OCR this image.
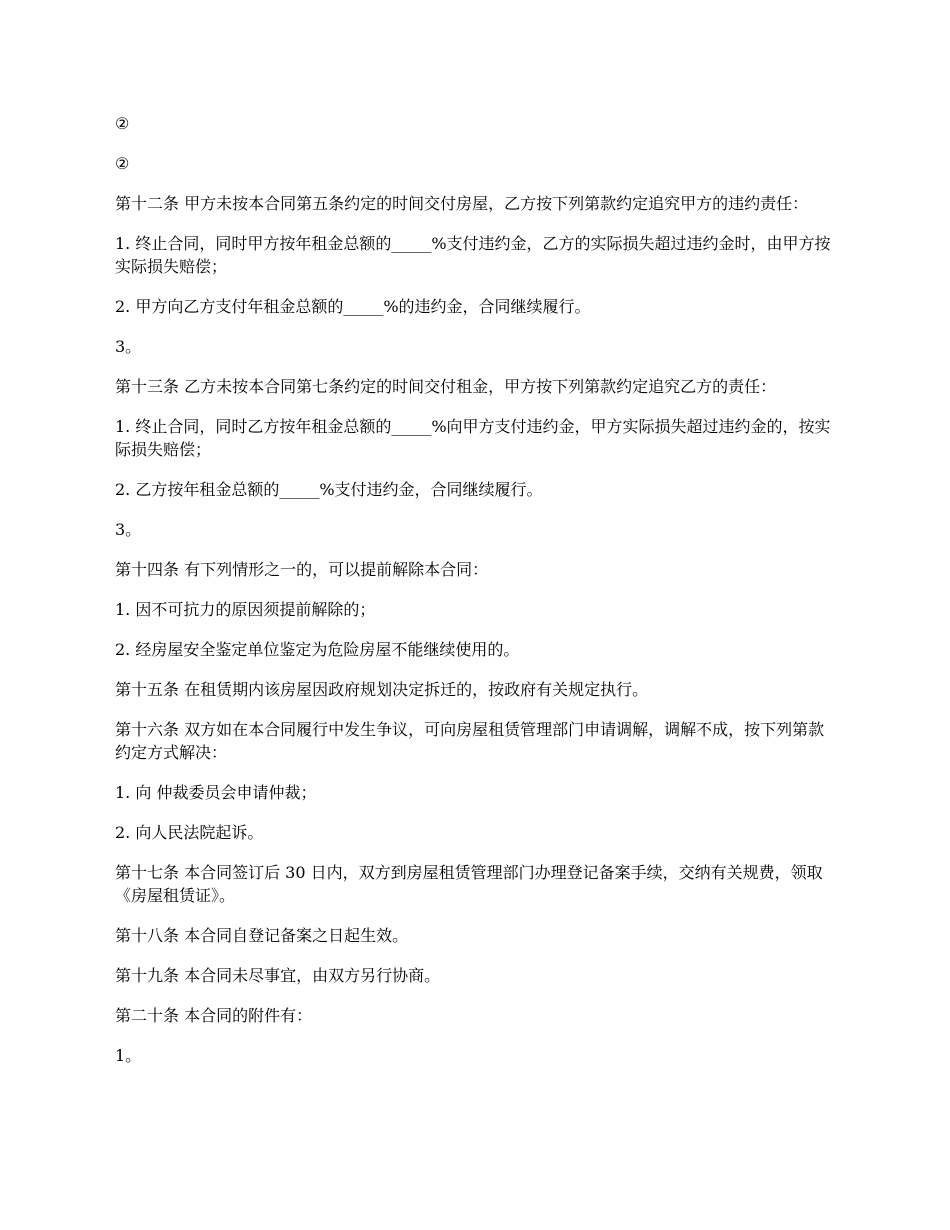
②

②

第十二条 甲方未按本合同第五条约定的时间交付房屋，乙方按下列第款约定追究甲方的违约责任：

1. 终止合同，同时甲方按年租金总额的_____%支付违约金，乙方的实际损失超过违约金时，由甲方按实际损失赔偿；

2. 甲方向乙方支付年租金总额的_____%的违约金，合同继续履行。

3。

第十三条 乙方未按本合同第七条约定的时间交付租金，甲方按下列第款约定追究乙方的责任：

1. 终止合同，同时乙方按年租金总额的_____%向甲方支付违约金，甲方实际损失超过违约金的，按实际损失赔偿；

2. 乙方按年租金总额的_____%支付违约金，合同继续履行。

3。

第十四条 有下列情形之一的，可以提前解除本合同：

1. 因不可抗力的原因须提前解除的；

2. 经房屋安全鉴定单位鉴定为危险房屋不能继续使用的。

第十五条 在租赁期内该房屋因政府规划决定拆迁的，按政府有关规定执行。

第十六条 双方如在本合同履行中发生争议，可向房屋租赁管理部门申请调解，调解不成，按下列第款约定方式解决：

1. 向 仲裁委员会申请仲裁；

2. 向人民法院起诉。

第十七条 本合同签订后 30 日内，双方到房屋租赁管理部门办理登记备案手续，交纳有关规费，领取《房屋租赁证》。

第十八条 本合同自登记备案之日起生效。

第十九条 本合同未尽事宜，由双方另行协商。

第二十条 本合同的附件有：

1。
